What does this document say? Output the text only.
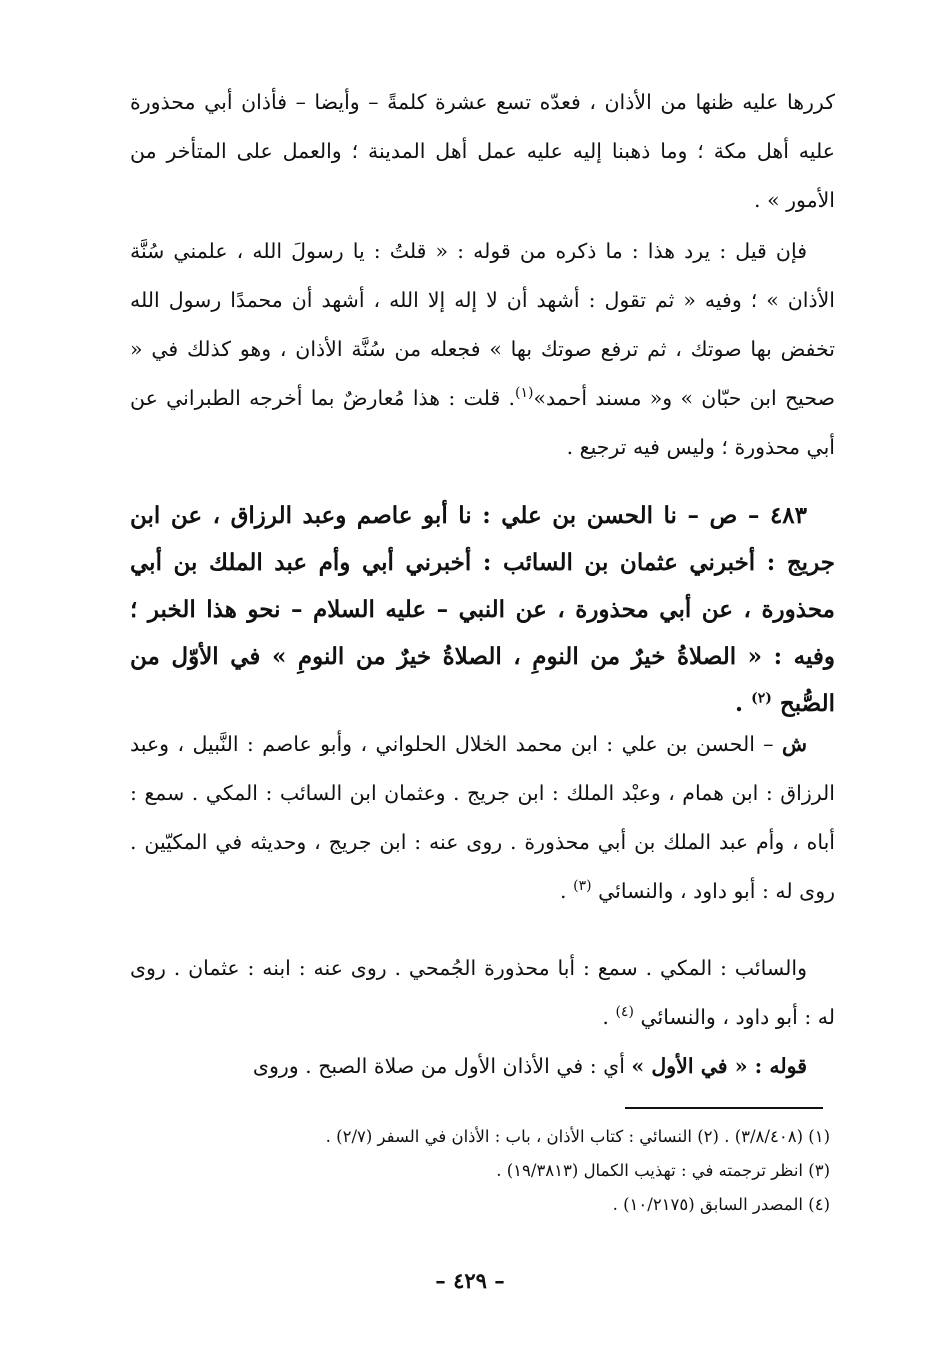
كررها عليه ظنها من الأذان ، فعدّه تسع عشرة كلمةً – وأيضا – فأذان أبي محذورة عليه أهل مكة ؛ وما ذهبنا إليه عليه عمل أهل المدينة ؛ والعمل على المتأخر من الأمور » .

فإن قيل : يرد هذا : ما ذكره من قوله : « قلتُ : يا رسولَ الله ، علمني سُنَّة الأذان » ؛ وفيه « ثم تقول : أشهد أن لا إله إلا الله ، أشهد أن محمدًا رسول الله تخفض بها صوتك ، ثم ترفع صوتك بها » فجعله من سُنَّة الأذان ، وهو كذلك في « صحيح ابن حبّان » و« مسند أحمد»$^{(١)}$. قلت : هذا مُعارضٌ بما أخرجه الطبراني عن أبي محذورة ؛ وليس فيه ترجيع .

٤٨٣ – ص – نا الحسن بن علي : نا أبو عاصم وعبد الرزاق ، عن ابن جريج : أخبرني عثمان بن السائب : أخبرني أبي وأم عبد الملك بن أبي محذورة ، عن أبي محذورة ، عن النبي – عليه السلام – نحو هذا الخبر ؛ وفيه : « الصلاةُ خيرٌ من النومِ ، الصلاةُ خيرٌ من النومِ » في الأوّل من الصُّبح $^{(٢)}$ .

ش – الحسن بن علي : ابن محمد الخلال الحلواني ، وأبو عاصم : النَّبيل ، وعبد الرزاق : ابن همام ، وعبْد الملك : ابن جريج . وعثمان ابن السائب : المكي . سمع : أباه ، وأم عبد الملك بن أبي محذورة . روى عنه : ابن جريج ، وحديثه في المكيّين . روى له : أبو داود ، والنسائي $^{(٣)}$ .

والسائب : المكي . سمع : أبا محذورة الجُمحي . روى عنه : ابنه : عثمان . روى له : أبو داود ، والنسائي $^{(٤)}$ .

قوله : « في الأول » أي : في الأذان الأول من صلاة الصبح . وروى

(١) (٣/٨/٤٠٨) . (٢) النسائي : كتاب الأذان ، باب : الأذان في السفر (٢/٧) .

(٣) انظر ترجمته في : تهذيب الكمال (١٩/٣٨١٣) .

(٤) المصدر السابق (١٠/٢١٧٥) .

– ٤٢٩ –
